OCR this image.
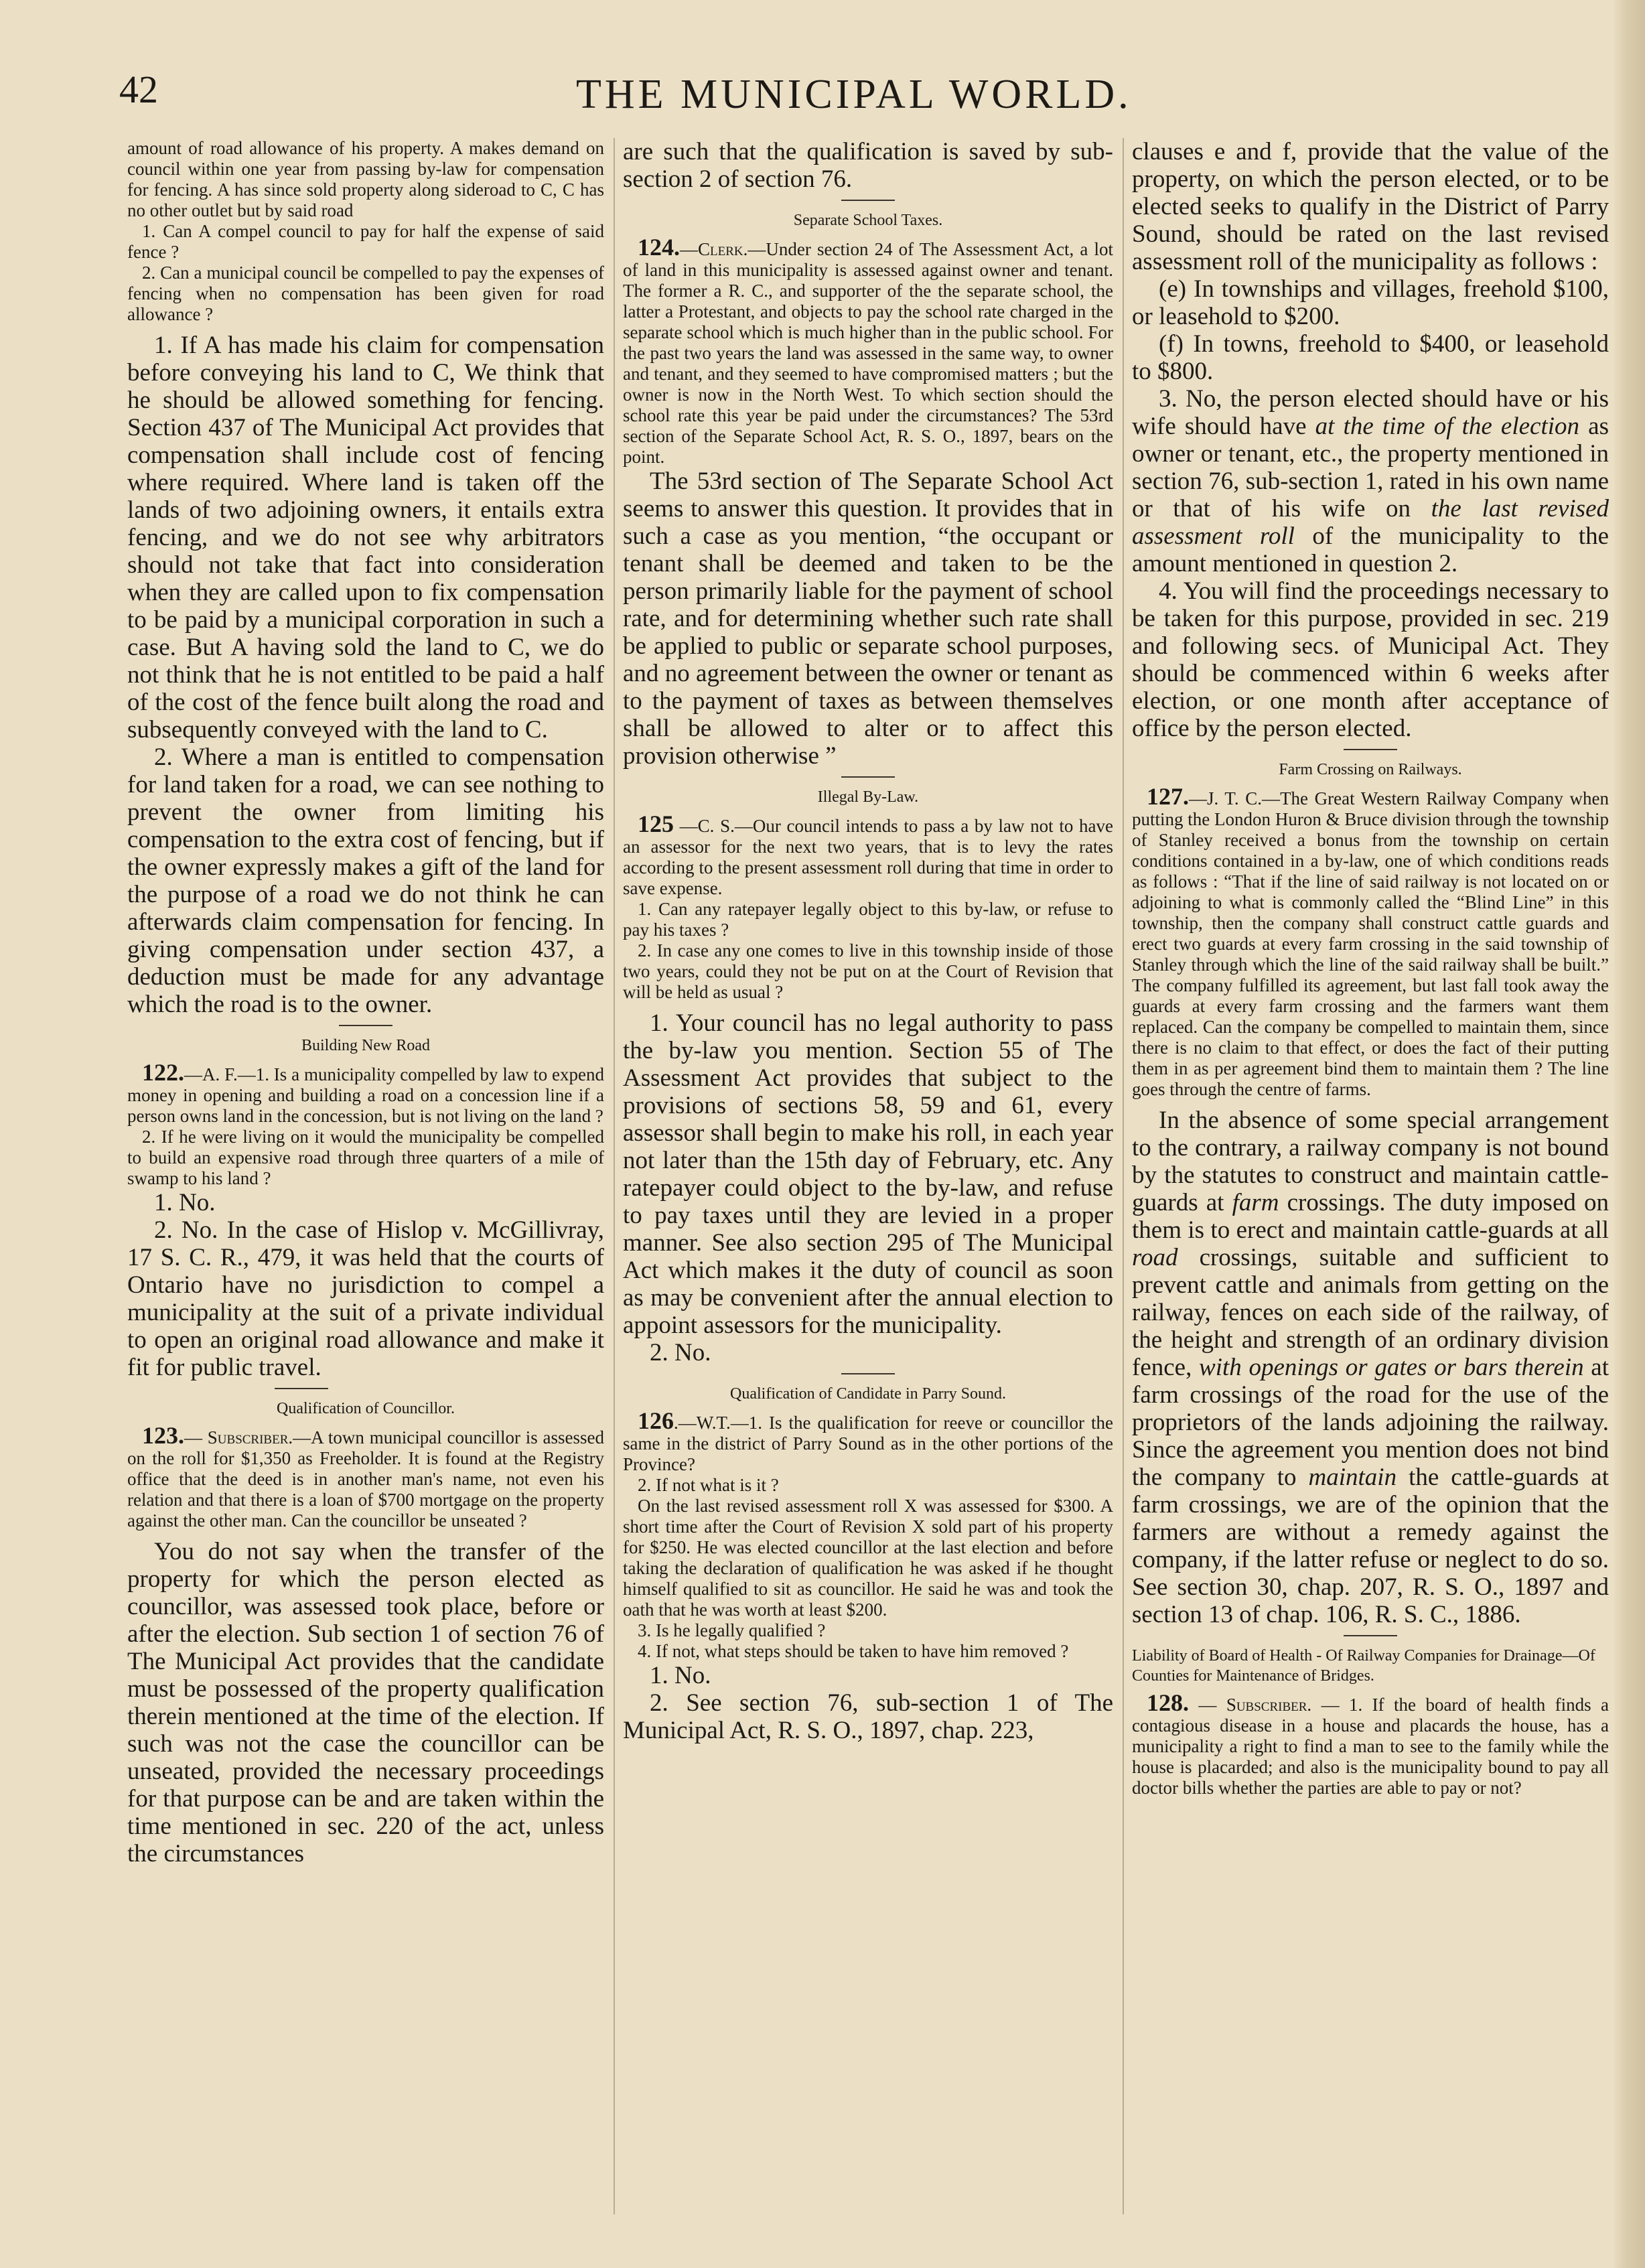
42	THE MUNICIPAL WORLD.

amount of road allowance of his property. A makes demand on council within one year from passing by-law for compensation for fencing. A has since sold property along sideroad to C, C has no other outlet but by said road

1. Can A compel council to pay for half the expense of said fence ?

2. Can a municipal council be compelled to pay the expenses of fencing when no compensation has been given for road allowance ?

1. If A has made his claim for compensation before conveying his land to C, We think that he should be allowed something for fencing. Section 437 of The Municipal Act provides that compensation shall include cost of fencing where required. Where land is taken off the lands of two adjoining owners, it entails extra fencing, and we do not see why arbitrators should not take that fact into consideration when they are called upon to fix compensation to be paid by a municipal corporation in such a case. But A having sold the land to C, we do not think that he is not entitled to be paid a half of the cost of the fence built along the road and subsequently conveyed with the land to C.

2. Where a man is entitled to compensation for land taken for a road, we can see nothing to prevent the owner from limiting his compensation to the extra cost of fencing, but if the owner expressly makes a gift of the land for the purpose of a road we do not think he can afterwards claim compensation for fencing. In giving compensation under section 437, a deduction must be made for any advantage which the road is to the owner.

Building New Road

122.—A. F.—1. Is a municipality compelled by law to expend money in opening and building a road on a concession line if a person owns land in the concession, but is not living on the land ?

2. If he were living on it would the municipality be compelled to build an expensive road through three quarters of a mile of swamp to his land ?

1. No.

2. No. In the case of Hislop v. McGillivray, 17 S. C. R., 479, it was held that the courts of Ontario have no jurisdiction to compel a municipality at the suit of a private individual to open an original road allowance and make it fit for public travel.

Qualification of Councillor.

123.— Subscriber.—A town municipal councillor is assessed on the roll for $1,350 as Freeholder. It is found at the Registry office that the deed is in another man's name, not even his relation and that there is a loan of $700 mortgage on the property against the other man. Can the councillor be unseated ?

You do not say when the transfer of the property for which the person elected as councillor, was assessed took place, before or after the election. Sub section 1 of section 76 of The Municipal Act provides that the candidate must be possessed of the property qualification therein mentioned at the time of the election. If such was not the case the councillor can be unseated, provided the necessary proceedings for that purpose can be and are taken within the time mentioned in sec. 220 of the act, unless the circumstances

are such that the qualification is saved by sub-section 2 of section 76.

Separate School Taxes.

124.—Clerk.—Under section 24 of The Assessment Act, a lot of land in this municipality is assessed against owner and tenant. The former a R. C., and supporter of the the separate school, the latter a Protestant, and objects to pay the school rate charged in the separate school which is much higher than in the public school. For the past two years the land was assessed in the same way, to owner and tenant, and they seemed to have compromised matters ; but the owner is now in the North West. To which section should the school rate this year be paid under the circumstances? The 53rd section of the Separate School Act, R. S. O., 1897, bears on the point.

The 53rd section of The Separate School Act seems to answer this question. It provides that in such a case as you mention, “the occupant or tenant shall be deemed and taken to be the person primarily liable for the payment of school rate, and for determining whether such rate shall be applied to public or separate school purposes, and no agreement between the owner or tenant as to the payment of taxes as between themselves shall be allowed to alter or to affect this provision otherwise ”

Illegal By-Law.

125 —C. S.—Our council intends to pass a by law not to have an assessor for the next two years, that is to levy the rates according to the present assessment roll during that time in order to save expense.

1. Can any ratepayer legally object to this by-law, or refuse to pay his taxes ?

2. In case any one comes to live in this township inside of those two years, could they not be put on at the Court of Revision that will be held as usual ?

1. Your council has no legal authority to pass the by-law you mention. Section 55 of The Assessment Act provides that subject to the provisions of sections 58, 59 and 61, every assessor shall begin to make his roll, in each year not later than the 15th day of February, etc. Any ratepayer could object to the by-law, and refuse to pay taxes until they are levied in a proper manner. See also section 295 of The Municipal Act which makes it the duty of council as soon as may be convenient after the annual election to appoint assessors for the municipality.

2. No.

Qualification of Candidate in Parry Sound.

126.—W.T.—1. Is the qualification for reeve or councillor the same in the district of Parry Sound as in the other portions of the Province?

2. If not what is it ?

On the last revised assessment roll X was assessed for $300. A short time after the Court of Revision X sold part of his property for $250. He was elected councillor at the last election and before taking the declaration of qualification he was asked if he thought himself qualified to sit as councillor. He said he was and took the oath that he was worth at least $200.

3. Is he legally qualified ?

4. If not, what steps should be taken to have him removed ?

1. No.

2. See section 76, sub-section 1 of The Municipal Act, R. S. O., 1897, chap. 223,

clauses e and f, provide that the value of the property, on which the person elected, or to be elected seeks to qualify in the District of Parry Sound, should be rated on the last revised assessment roll of the municipality as follows :

(e) In townships and villages, freehold $100, or leasehold to $200.

(f) In towns, freehold to $400, or leasehold to $800.

3. No, the person elected should have or his wife should have at the time of the election as owner or tenant, etc., the property mentioned in section 76, sub-section 1, rated in his own name or that of his wife on the last revised assessment roll of the municipality to the amount mentioned in question 2.

4. You will find the proceedings necessary to be taken for this purpose, provided in sec. 219 and following secs. of Municipal Act. They should be commenced within 6 weeks after election, or one month after acceptance of office by the person elected.

Farm Crossing on Railways.

127.—J. T. C.—The Great Western Railway Company when putting the London Huron & Bruce division through the township of Stanley received a bonus from the township on certain conditions contained in a by-law, one of which conditions reads as follows : “That if the line of said railway is not located on or adjoining to what is commonly called the “Blind Line” in this township, then the company shall construct cattle guards and erect two guards at every farm crossing in the said township of Stanley through which the line of the said railway shall be built.” The company fulfilled its agreement, but last fall took away the guards at every farm crossing and the farmers want them replaced. Can the company be compelled to maintain them, since there is no claim to that effect, or does the fact of their putting them in as per agreement bind them to maintain them ? The line goes through the centre of farms.

In the absence of some special arrangement to the contrary, a railway company is not bound by the statutes to construct and maintain cattle-guards at farm crossings. The duty imposed on them is to erect and maintain cattle-guards at all road crossings, suitable and sufficient to prevent cattle and animals from getting on the railway, fences on each side of the railway, of the height and strength of an ordinary division fence, with openings or gates or bars therein at farm crossings of the road for the use of the proprietors of the lands adjoining the railway. Since the agreement you mention does not bind the company to maintain the cattle-guards at farm crossings, we are of the opinion that the farmers are without a remedy against the company, if the latter refuse or neglect to do so. See section 30, chap. 207, R. S. O., 1897 and section 13 of chap. 106, R. S. C., 1886.

Liability of Board of Health - Of Railway Companies for Drainage—Of Counties for Maintenance of Bridges.

128. — Subscriber. — 1. If the board of health finds a contagious disease in a house and placards the house, has a municipality a right to find a man to see to the family while the house is placarded; and also is the municipality bound to pay all doctor bills whether the parties are able to pay or not?
